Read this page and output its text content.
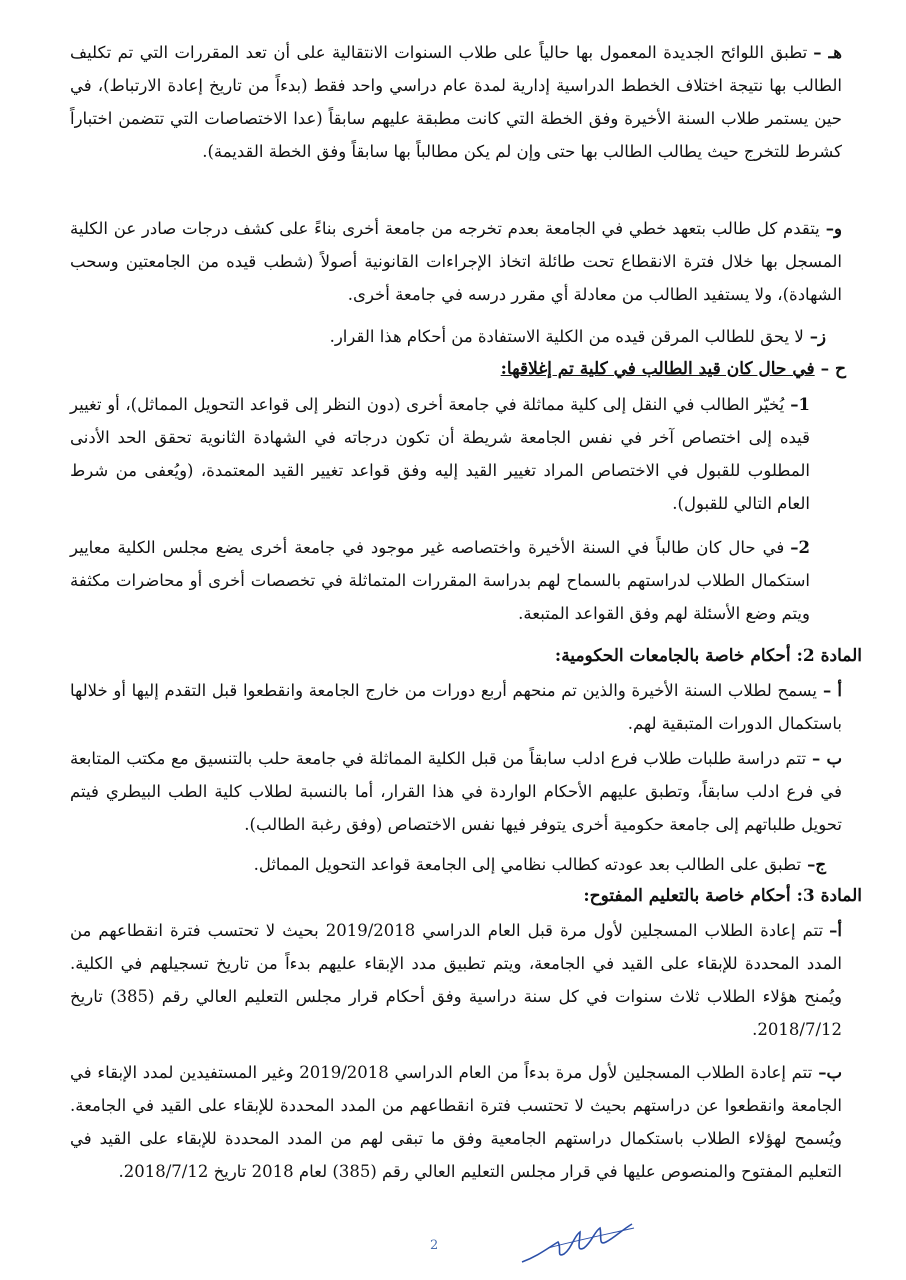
هـ –تطبق اللوائح الجديدة المعمول بها حالياً على طلاب السنوات الانتقالية على أن تعد المقررات التي تم تكليف الطالب بها نتيجة اختلاف الخطط الدراسية إدارية لمدة عام دراسي واحد فقط (بدءاً من تاريخ إعادة الارتباط)، في حين يستمر طلاب السنة الأخيرة وفق الخطة التي كانت مطبقة عليهم سابقاً (عدا الاختصاصات التي تتضمن اختباراً كشرط للتخرج حيث يطالب الطالب بها حتى وإن لم يكن مطالباً بها سابقاً وفق الخطة القديمة).
و–يتقدم كل طالب بتعهد خطي في الجامعة بعدم تخرجه من جامعة أخرى بناءً على كشف درجات صادر عن الكلية المسجل بها خلال فترة الانقطاع تحت طائلة اتخاذ الإجراءات القانونية أصولاً (شطب قيده من الجامعتين وسحب الشهادة)، ولا يستفيد الطالب من معادلة أي مقرر درسه في جامعة أخرى.
ز–لا يحق للطالب المرقن قيده من الكلية الاستفادة من أحكام هذا القرار.
ح – في حال كان قيد الطالب في كلية تم إغلاقها:
1–يُخيّر الطالب في النقل إلى كلية مماثلة في جامعة أخرى (دون النظر إلى قواعد التحويل المماثل)، أو تغيير قيده إلى اختصاص آخر في نفس الجامعة شريطة أن تكون درجاته في الشهادة الثانوية تحقق الحد الأدنى المطلوب للقبول في الاختصاص المراد تغيير القيد إليه وفق قواعد تغيير القيد المعتمدة، (ويُعفى من شرط العام التالي للقبول).
2–في حال كان طالباً في السنة الأخيرة واختصاصه غير موجود في جامعة أخرى يضع مجلس الكلية معايير استكمال الطلاب لدراستهم بالسماح لهم بدراسة المقررات المتماثلة في تخصصات أخرى أو محاضرات مكثفة ويتم وضع الأسئلة لهم وفق القواعد المتبعة.
المادة 2: أحكام خاصة بالجامعات الحكومية:
أ –يسمح لطلاب السنة الأخيرة والذين تم منحهم أربع دورات من خارج الجامعة وانقطعوا قبل التقدم إليها أو خلالها باستكمال الدورات المتبقية لهم.
ب –تتم دراسة طلبات طلاب فرع ادلب سابقاً من قبل الكلية المماثلة في جامعة حلب بالتنسيق مع مكتب المتابعة في فرع ادلب سابقاً، وتطبق عليهم الأحكام الواردة في هذا القرار، أما بالنسبة لطلاب كلية الطب البيطري فيتم تحويل طلباتهم إلى جامعة حكومية أخرى يتوفر فيها نفس الاختصاص (وفق رغبة الطالب).
ج–تطبق على الطالب بعد عودته كطالب نظامي إلى الجامعة قواعد التحويل المماثل.
المادة 3: أحكام خاصة بالتعليم المفتوح:
أ–تتم إعادة الطلاب المسجلين لأول مرة قبل العام الدراسي 2019/2018 بحيث لا تحتسب فترة انقطاعهم من المدد المحددة للإبقاء على القيد في الجامعة، ويتم تطبيق مدد الإبقاء عليهم بدءاً من تاريخ تسجيلهم في الكلية. ويُمنح هؤلاء الطلاب ثلاث سنوات في كل سنة دراسية وفق أحكام قرار مجلس التعليم العالي رقم (385) تاريخ 2018/7/12.
ب–تتم إعادة الطلاب المسجلين لأول مرة بدءاً من العام الدراسي 2019/2018 وغير المستفيدين لمدد الإبقاء في الجامعة وانقطعوا عن دراستهم بحيث لا تحتسب فترة انقطاعهم من المدد المحددة للإبقاء على القيد في الجامعة. ويُسمح لهؤلاء الطلاب باستكمال دراستهم الجامعية وفق ما تبقى لهم من المدد المحددة للإبقاء على القيد في التعليم المفتوح والمنصوص عليها في قرار مجلس التعليم العالي رقم (385) لعام 2018 تاريخ 2018/7/12.
2
